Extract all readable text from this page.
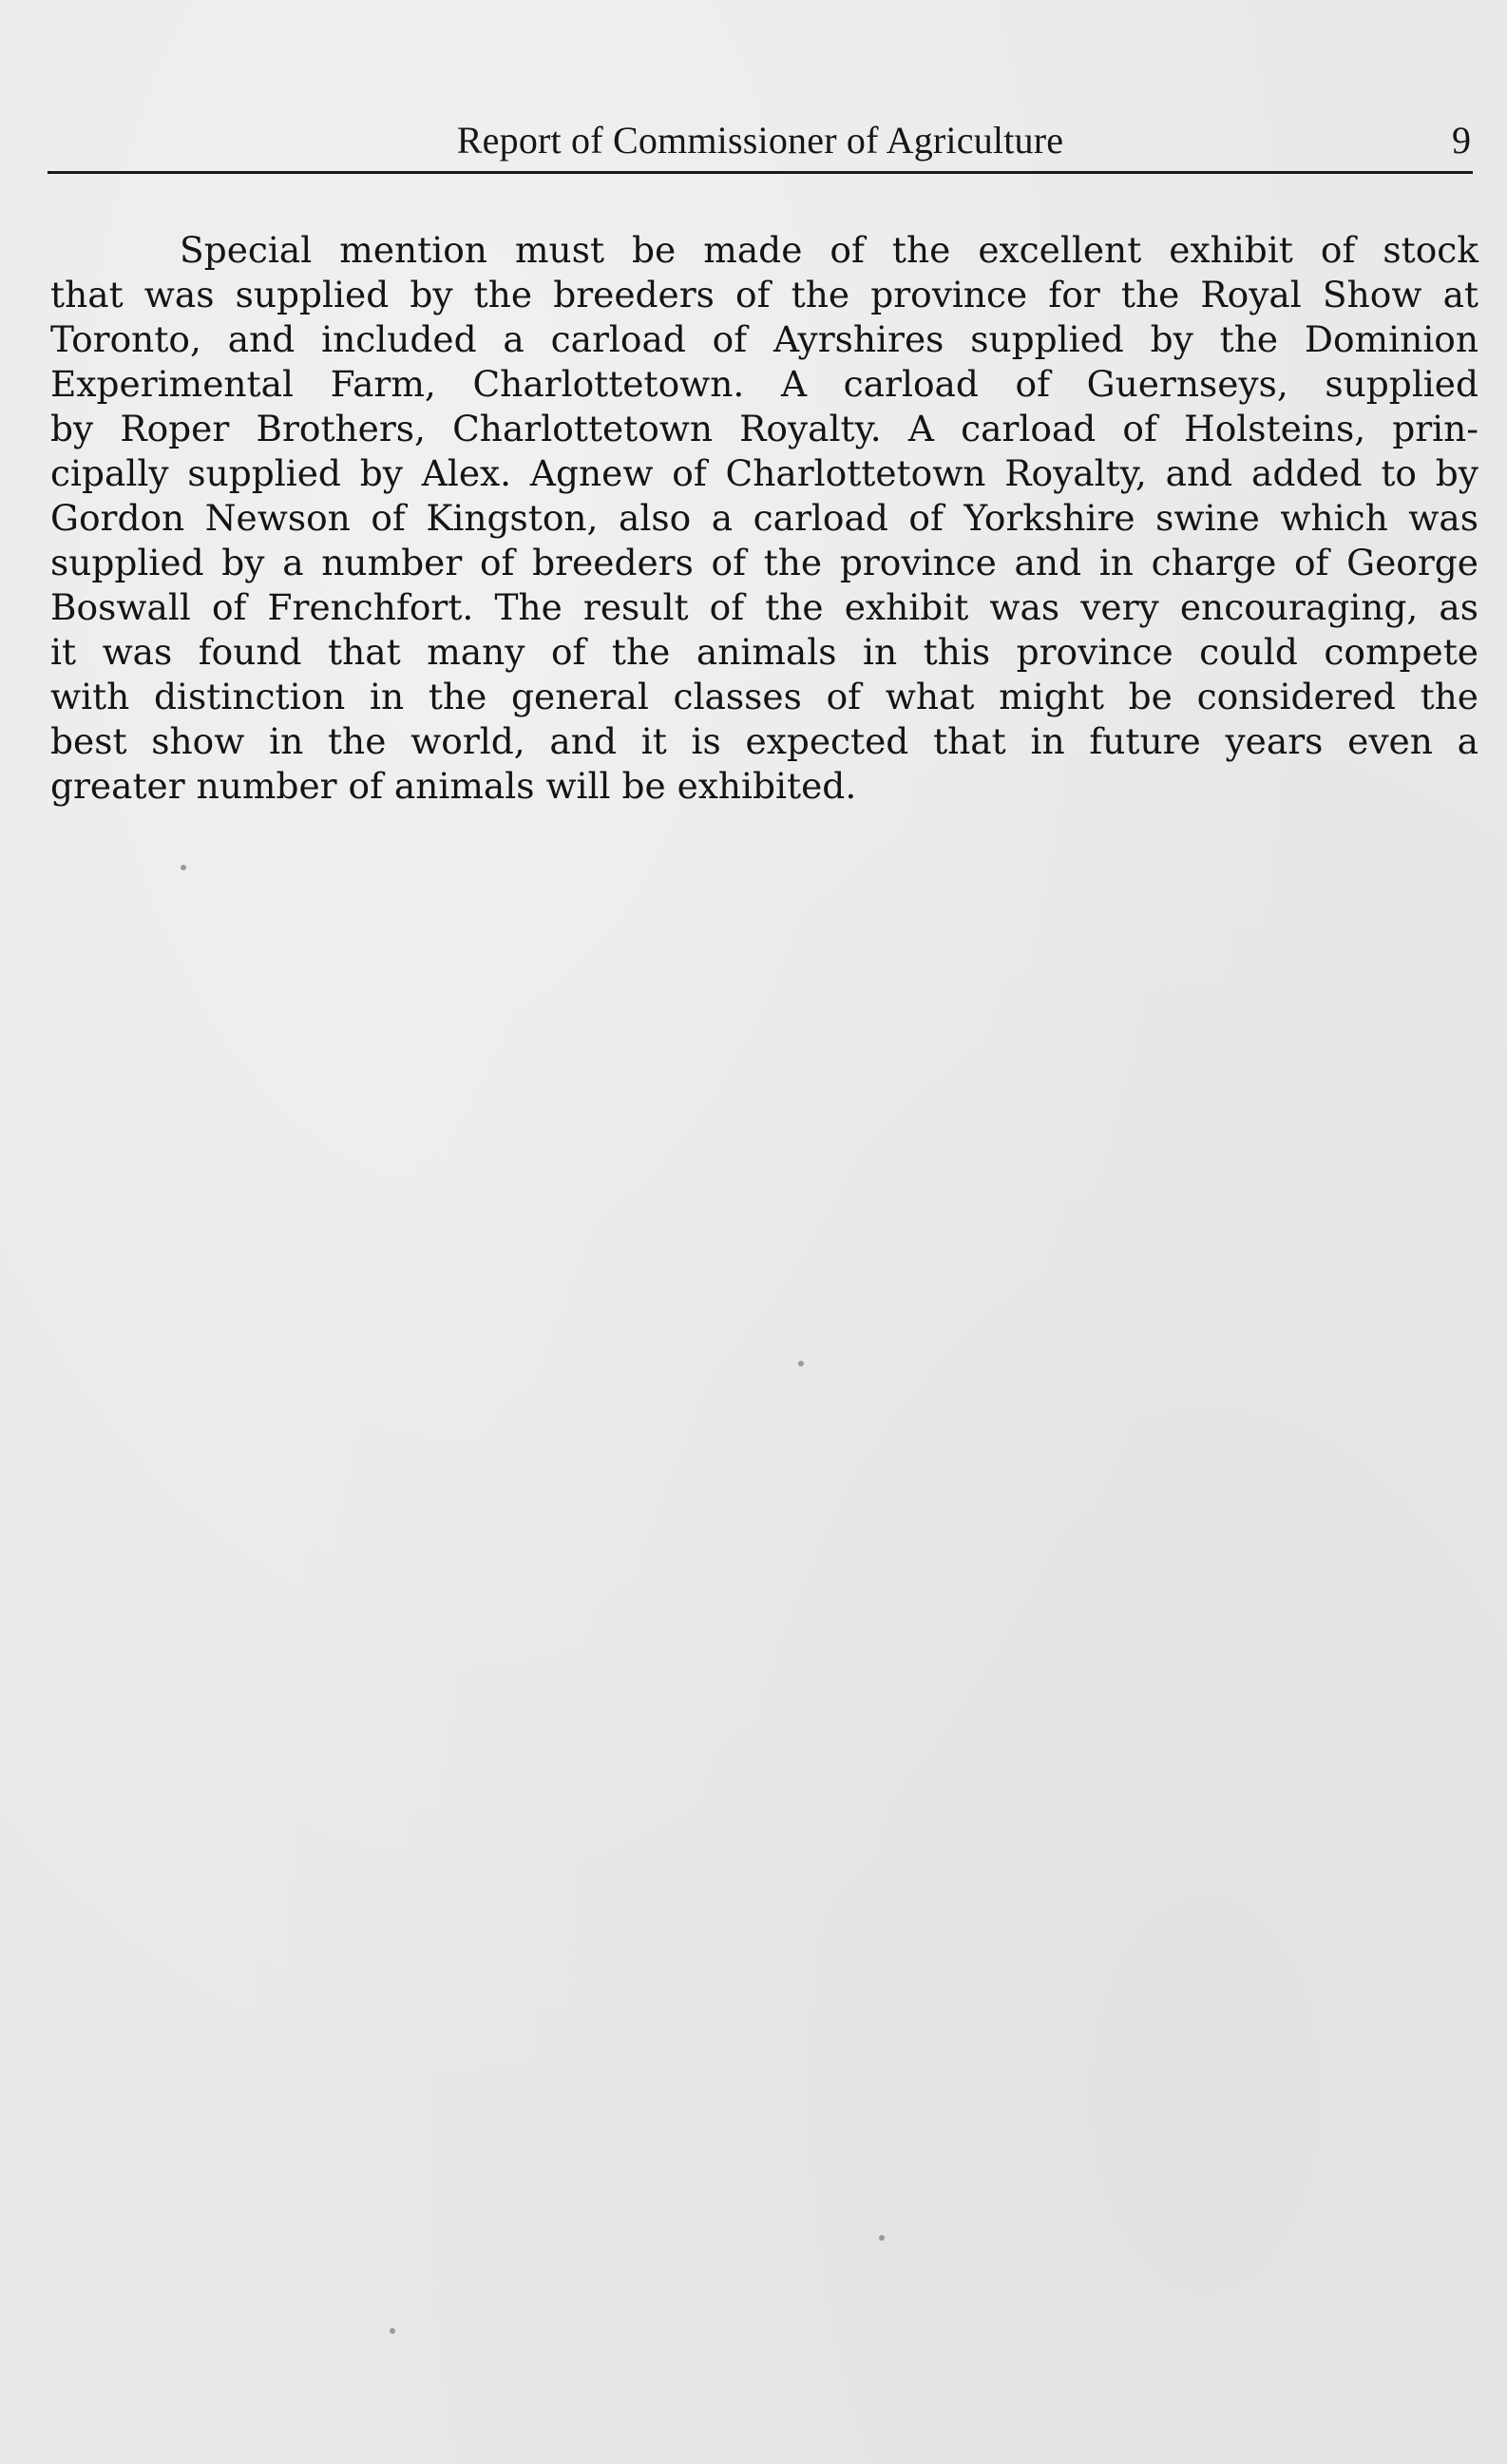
Report of Commissioner of Agriculture	9
Special mention must be made of the excellent exhibit of stock
that was supplied by the breeders of the province for the Royal Show at
Toronto, and included a carload of Ayrshires supplied by the Dominion
Experimental Farm, Charlottetown. A carload of Guernseys, supplied
by Roper Brothers, Charlottetown Royalty. A carload of Holsteins, prin-
cipally supplied by Alex. Agnew of Charlottetown Royalty, and added to by
Gordon Newson of Kingston, also a carload of Yorkshire swine which was
supplied by a number of breeders of the province and in charge of George
Boswall of Frenchfort. The result of the exhibit was very encouraging, as
it was found that many of the animals in this province could compete
with distinction in the general classes of what might be considered the
best show in the world, and it is expected that in future years even a
greater number of animals will be exhibited.
